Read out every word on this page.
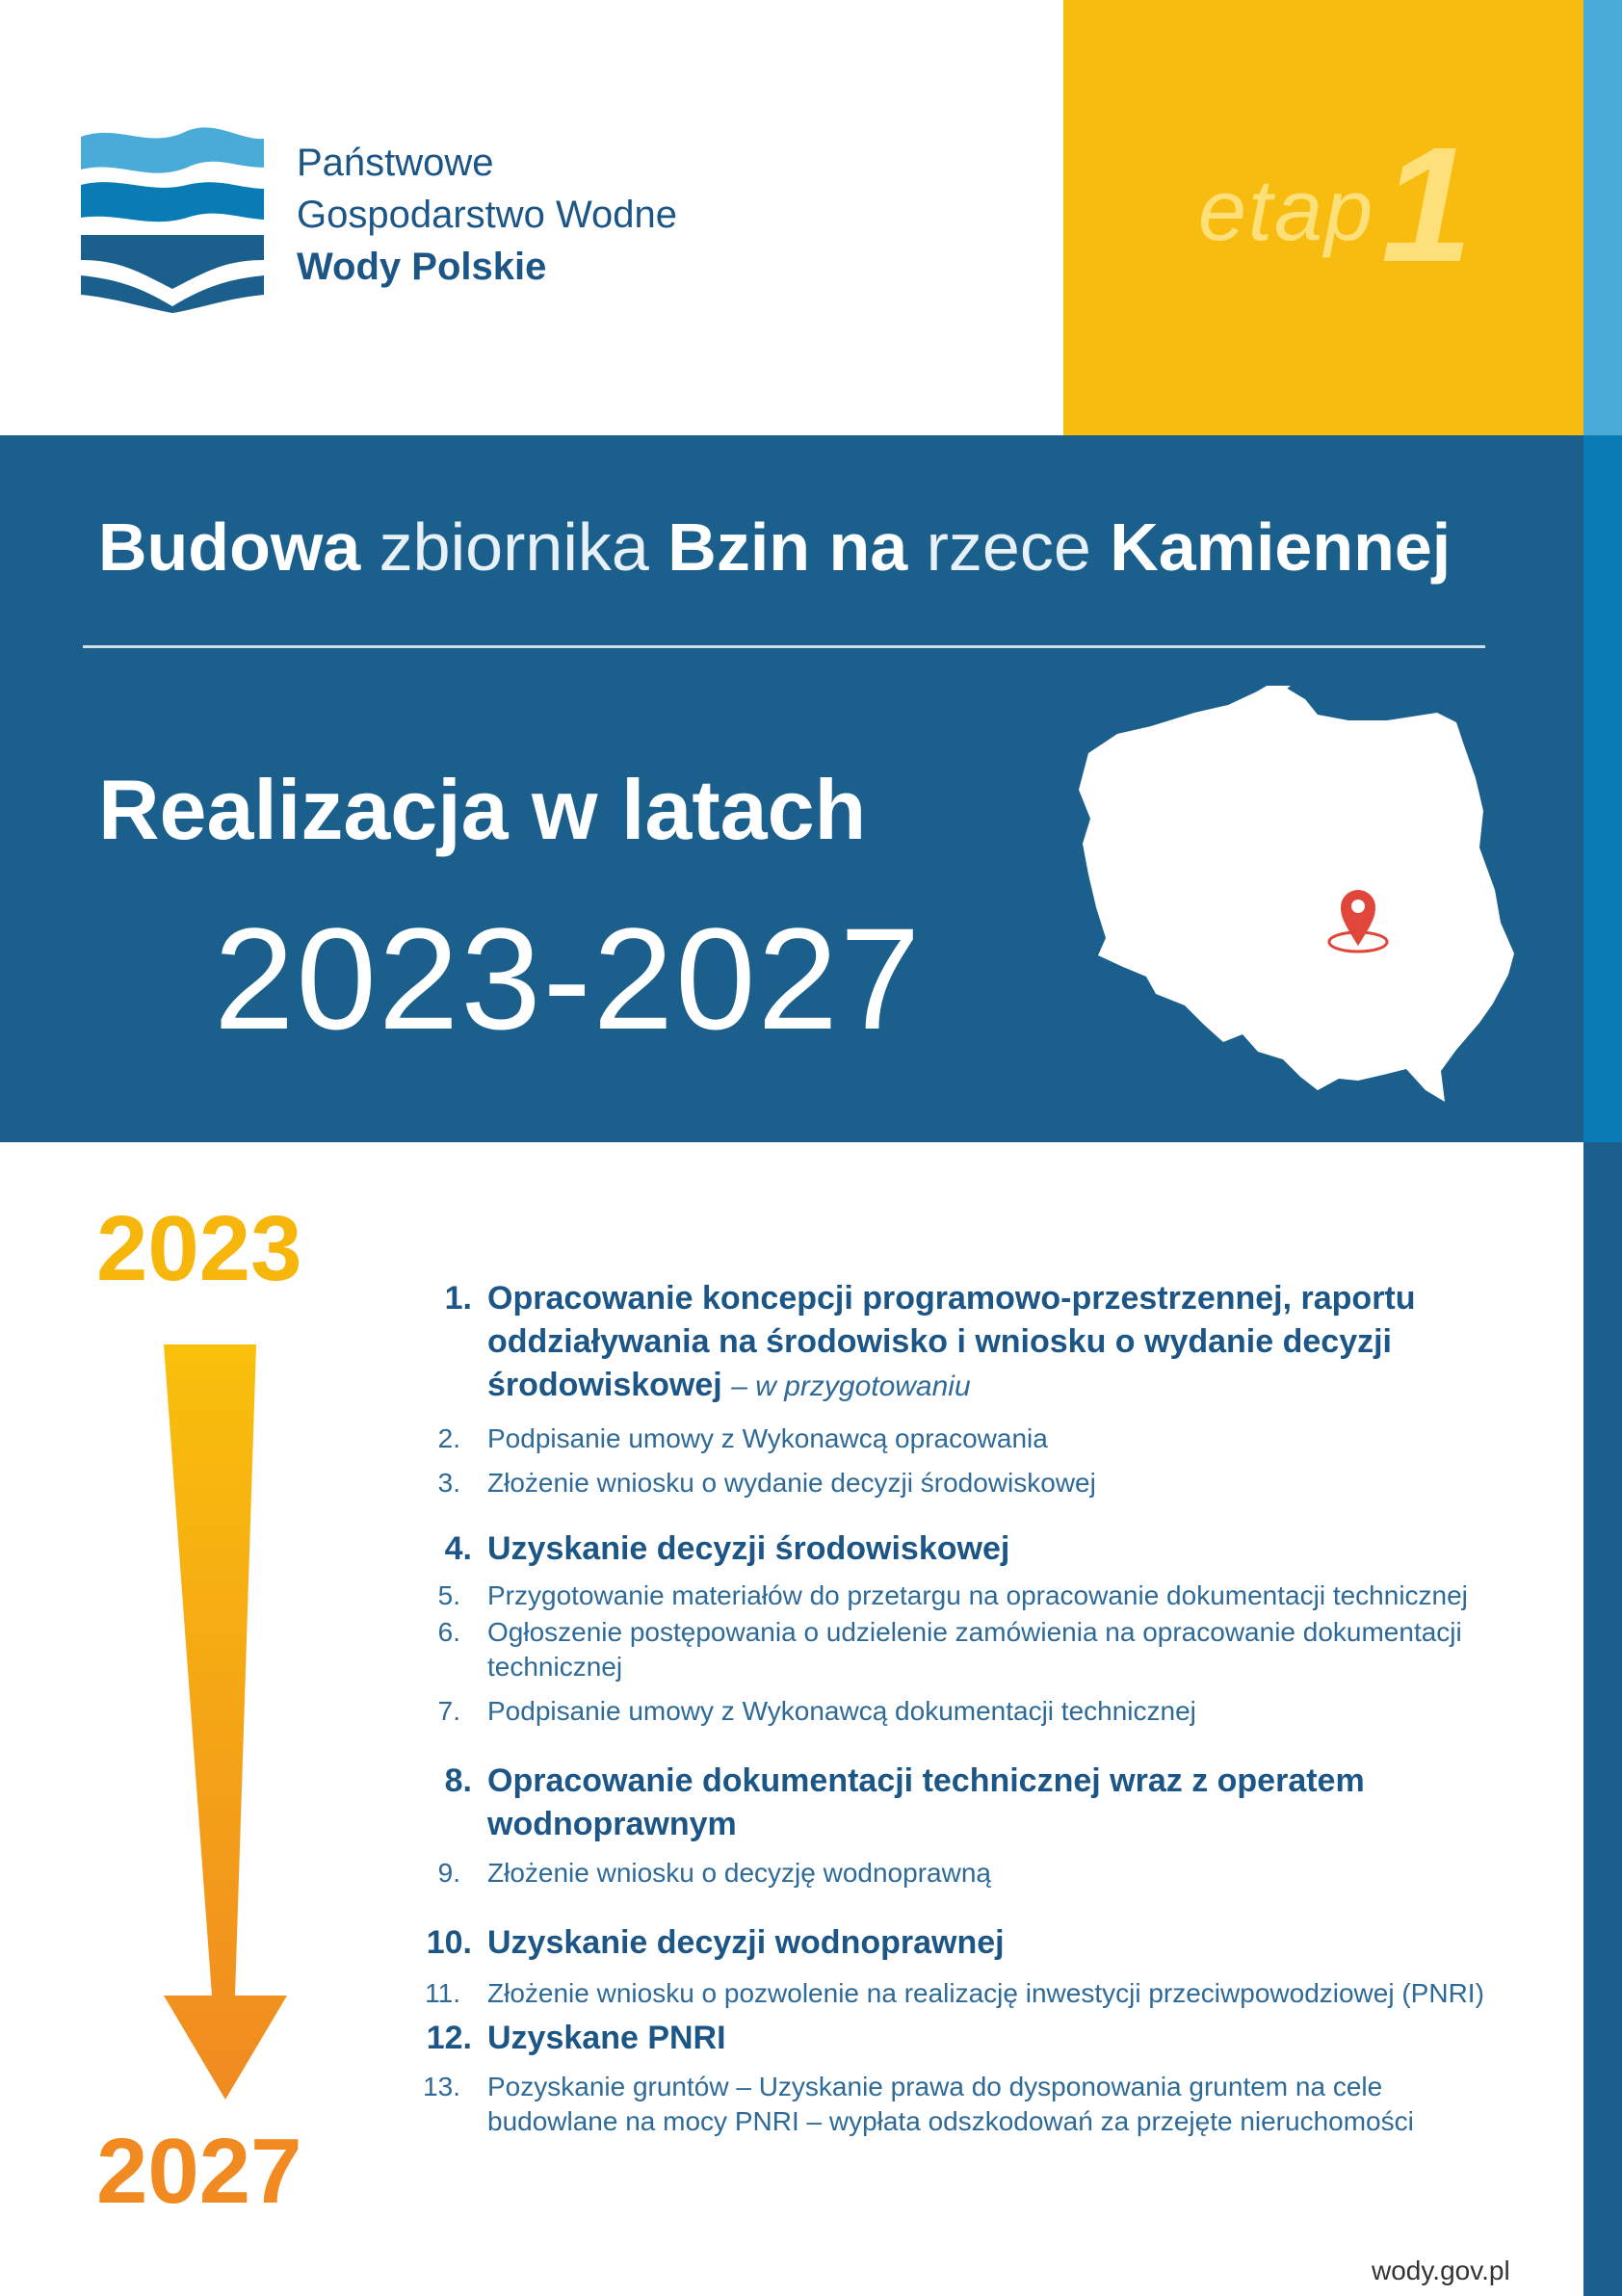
Państwowe
Gospodarstwo Wodne
Wody Polskie
etap 1
Budowa zbiornika Bzin na rzece Kamiennej
Realizacja w latach
2023-2027
2023
2027
1. Opracowanie koncepcji programowo-przestrzennej, raportu oddziaływania na środowisko i wniosku o wydanie decyzji środowiskowej – w przygotowaniu
2. Podpisanie umowy z Wykonawcą opracowania
3. Złożenie wniosku o wydanie decyzji środowiskowej
4. Uzyskanie decyzji środowiskowej
5. Przygotowanie materiałów do przetargu na opracowanie dokumentacji technicznej
6. Ogłoszenie postępowania o udzielenie zamówienia na opracowanie dokumentacji technicznej
7. Podpisanie umowy z Wykonawcą dokumentacji technicznej
8. Opracowanie dokumentacji technicznej wraz z operatem wodnoprawnym
9. Złożenie wniosku o decyzję wodnoprawną
10. Uzyskanie decyzji wodnoprawnej
11. Złożenie wniosku o pozwolenie na realizację inwestycji przeciwpowodziowej (PNRI)
12. Uzyskane PNRI
13. Pozyskanie gruntów – Uzyskanie prawa do dysponowania gruntem na cele budowlane na mocy PNRI – wypłata odszkodowań za przejęte nieruchomości
wody.gov.pl
